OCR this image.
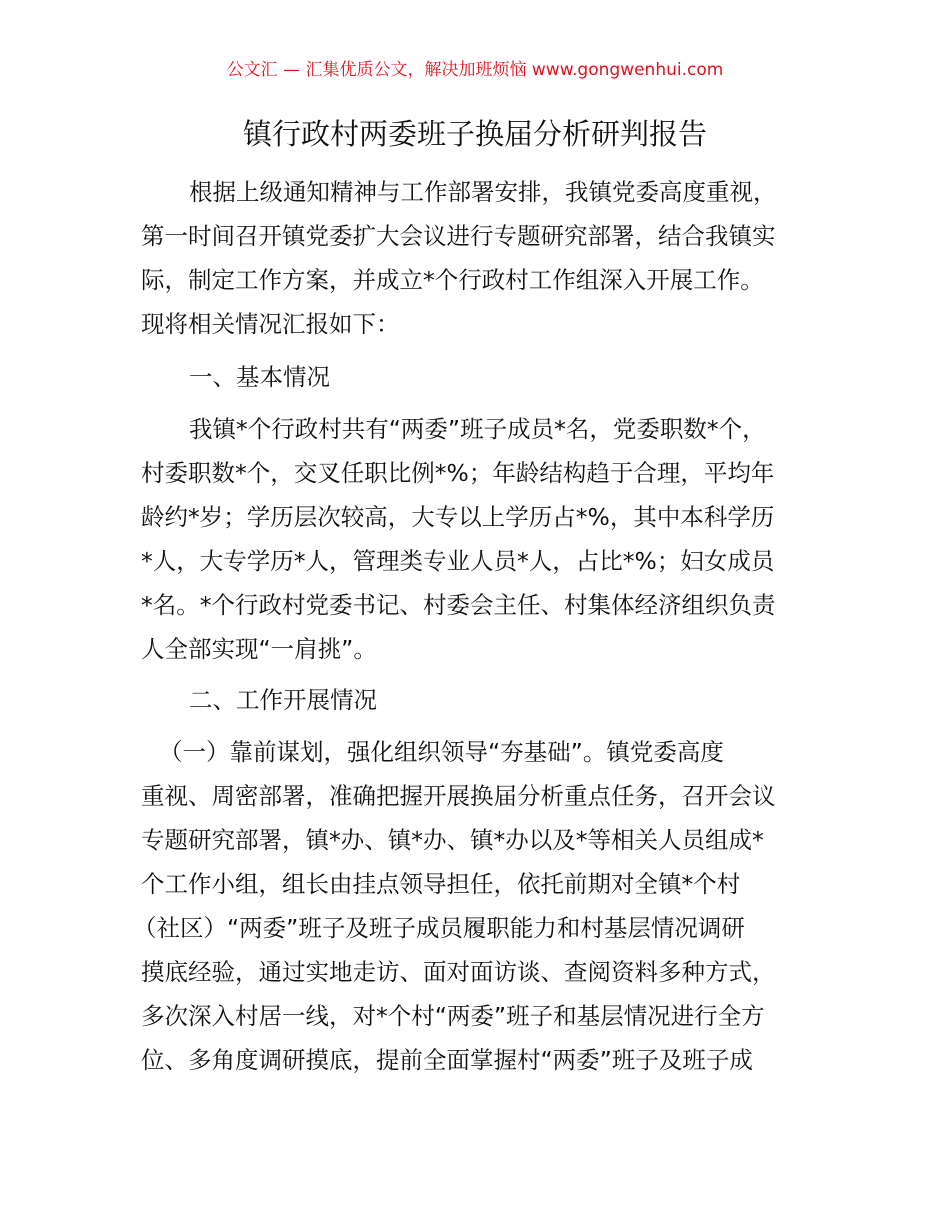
公文汇 — 汇集优质公文，解决加班烦恼 www.gongwenhui.com
镇行政村两委班子换届分析研判报告
根据上级通知精神与工作部署安排，我镇党委高度重视，
第一时间召开镇党委扩大会议进行专题研究部署，结合我镇实
际，制定工作方案，并成立*个行政村工作组深入开展工作。
现将相关情况汇报如下：
一、基本情况
我镇*个行政村共有“两委”班子成员*名，党委职数*个，
村委职数*个，交叉任职比例*%；年龄结构趋于合理，平均年
龄约*岁；学历层次较高，大专以上学历占*%，其中本科学历
*人，大专学历*人，管理类专业人员*人，占比*%；妇女成员
*名。*个行政村党委书记、村委会主任、村集体经济组织负责
人全部实现“一肩挑”。
二、工作开展情况
（一）靠前谋划，强化组织领导“夯基础”。镇党委高度
重视、周密部署，准确把握开展换届分析重点任务，召开会议
专题研究部署，镇*办、镇*办、镇*办以及*等相关人员组成*
个工作小组，组长由挂点领导担任，依托前期对全镇*个村
（社区）“两委”班子及班子成员履职能力和村基层情况调研
摸底经验，通过实地走访、面对面访谈、查阅资料多种方式，
多次深入村居一线，对*个村“两委”班子和基层情况进行全方
位、多角度调研摸底，提前全面掌握村“两委”班子及班子成
